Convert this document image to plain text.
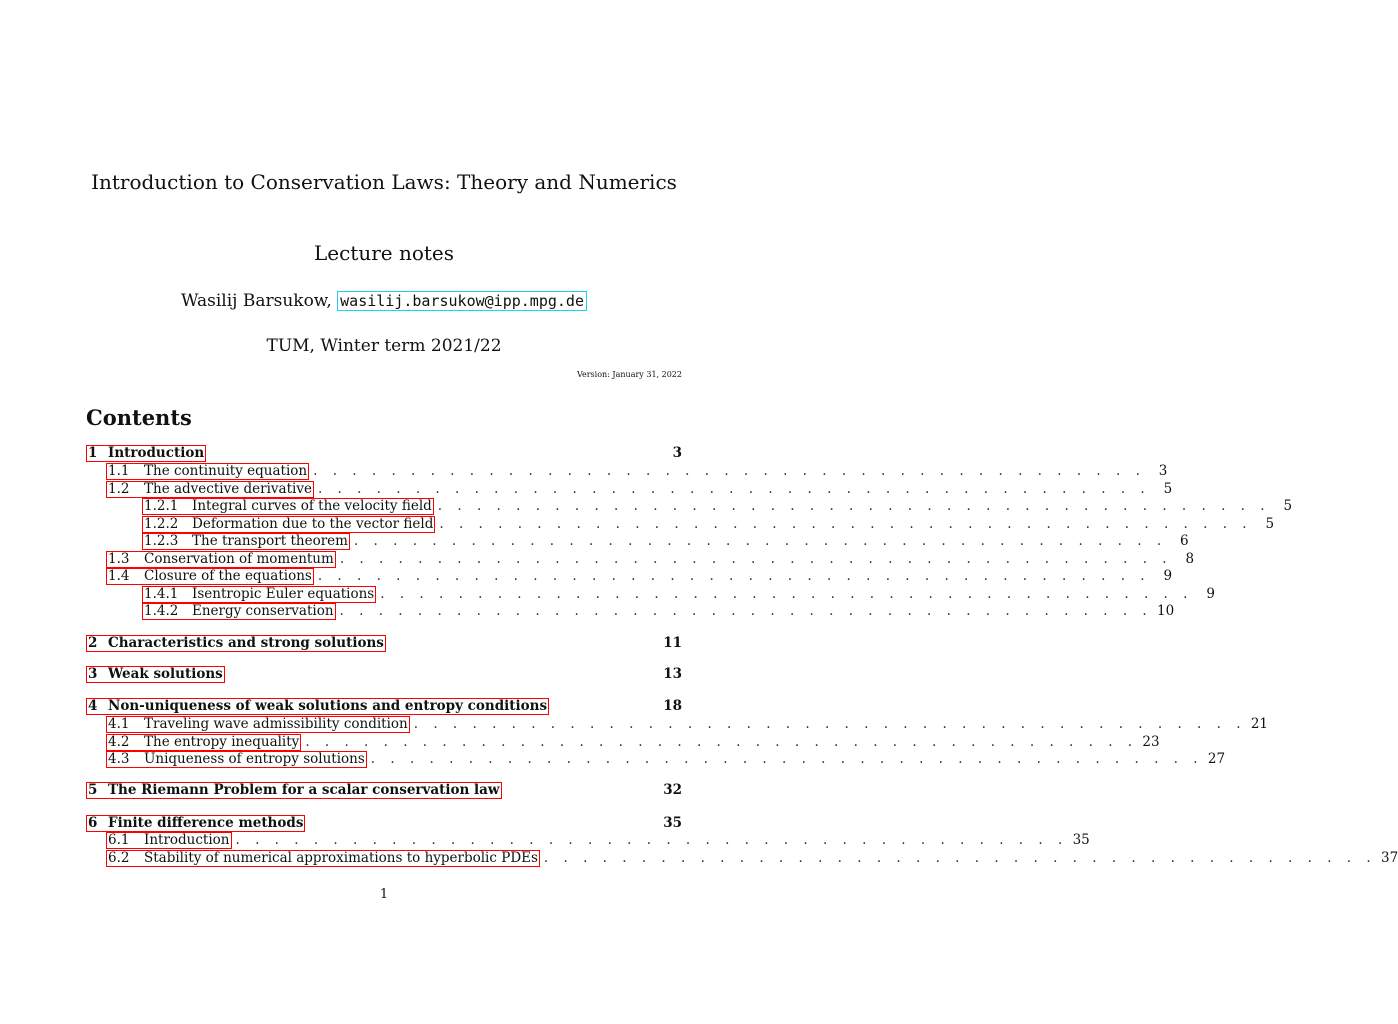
Introduction to Conservation Laws: Theory and Numerics
Lecture notes
Wasilij Barsukow, wasilij.barsukow@ipp.mpg.de
TUM, Winter term 2021/22
Version: January 31, 2022
Contents
1 Introduction	3
1.1	The continuity equation . . . . . . . . . . . . . . . . . . . . . . . . . . . . . . . . . . . . . . . . . . . 3
1.2	The advective derivative . . . . . . . . . . . . . . . . . . . . . . . . . . . . . . . . . . . . . . . . . . . 5
1.2.1	Integral curves of the velocity field . . . . . . . . . . . . . . . . . . . . . . . . . . . . . . . . . . . . . . . . . . . 5
1.2.2	Deformation due to the vector field . . . . . . . . . . . . . . . . . . . . . . . . . . . . . . . . . . . . . . . . . . 5
1.2.3	The transport theorem . . . . . . . . . . . . . . . . . . . . . . . . . . . . . . . . . . . . . . . . . . 6
1.3	Conservation of momentum . . . . . . . . . . . . . . . . . . . . . . . . . . . . . . . . . . . . . . . . . . . 8
1.4	Closure of the equations . . . . . . . . . . . . . . . . . . . . . . . . . . . . . . . . . . . . . . . . . . . 9
1.4.1	Isentropic Euler equations . . . . . . . . . . . . . . . . . . . . . . . . . . . . . . . . . . . . . . . . . . 9
1.4.2	Energy conservation . . . . . . . . . . . . . . . . . . . . . . . . . . . . . . . . . . . . . . . . . . 10
2 Characteristics and strong solutions	11
3 Weak solutions	13
4 Non-uniqueness of weak solutions and entropy conditions	18
4.1	Traveling wave admissibility condition . . . . . . . . . . . . . . . . . . . . . . . . . . . . . . . . . . . . . . . . . . . 21
4.2	The entropy inequality . . . . . . . . . . . . . . . . . . . . . . . . . . . . . . . . . . . . . . . . . . . 23
4.3	Uniqueness of entropy solutions . . . . . . . . . . . . . . . . . . . . . . . . . . . . . . . . . . . . . . . . . . . 27
5 The Riemann Problem for a scalar conservation law	32
6 Finite difference methods	35
6.1	Introduction . . . . . . . . . . . . . . . . . . . . . . . . . . . . . . . . . . . . . . . . . . . 35
6.2	Stability of numerical approximations to hyperbolic PDEs . . . . . . . . . . . . . . . . . . . . . . . . . . . . . . . . . . . . . . . . . . . 37
1
